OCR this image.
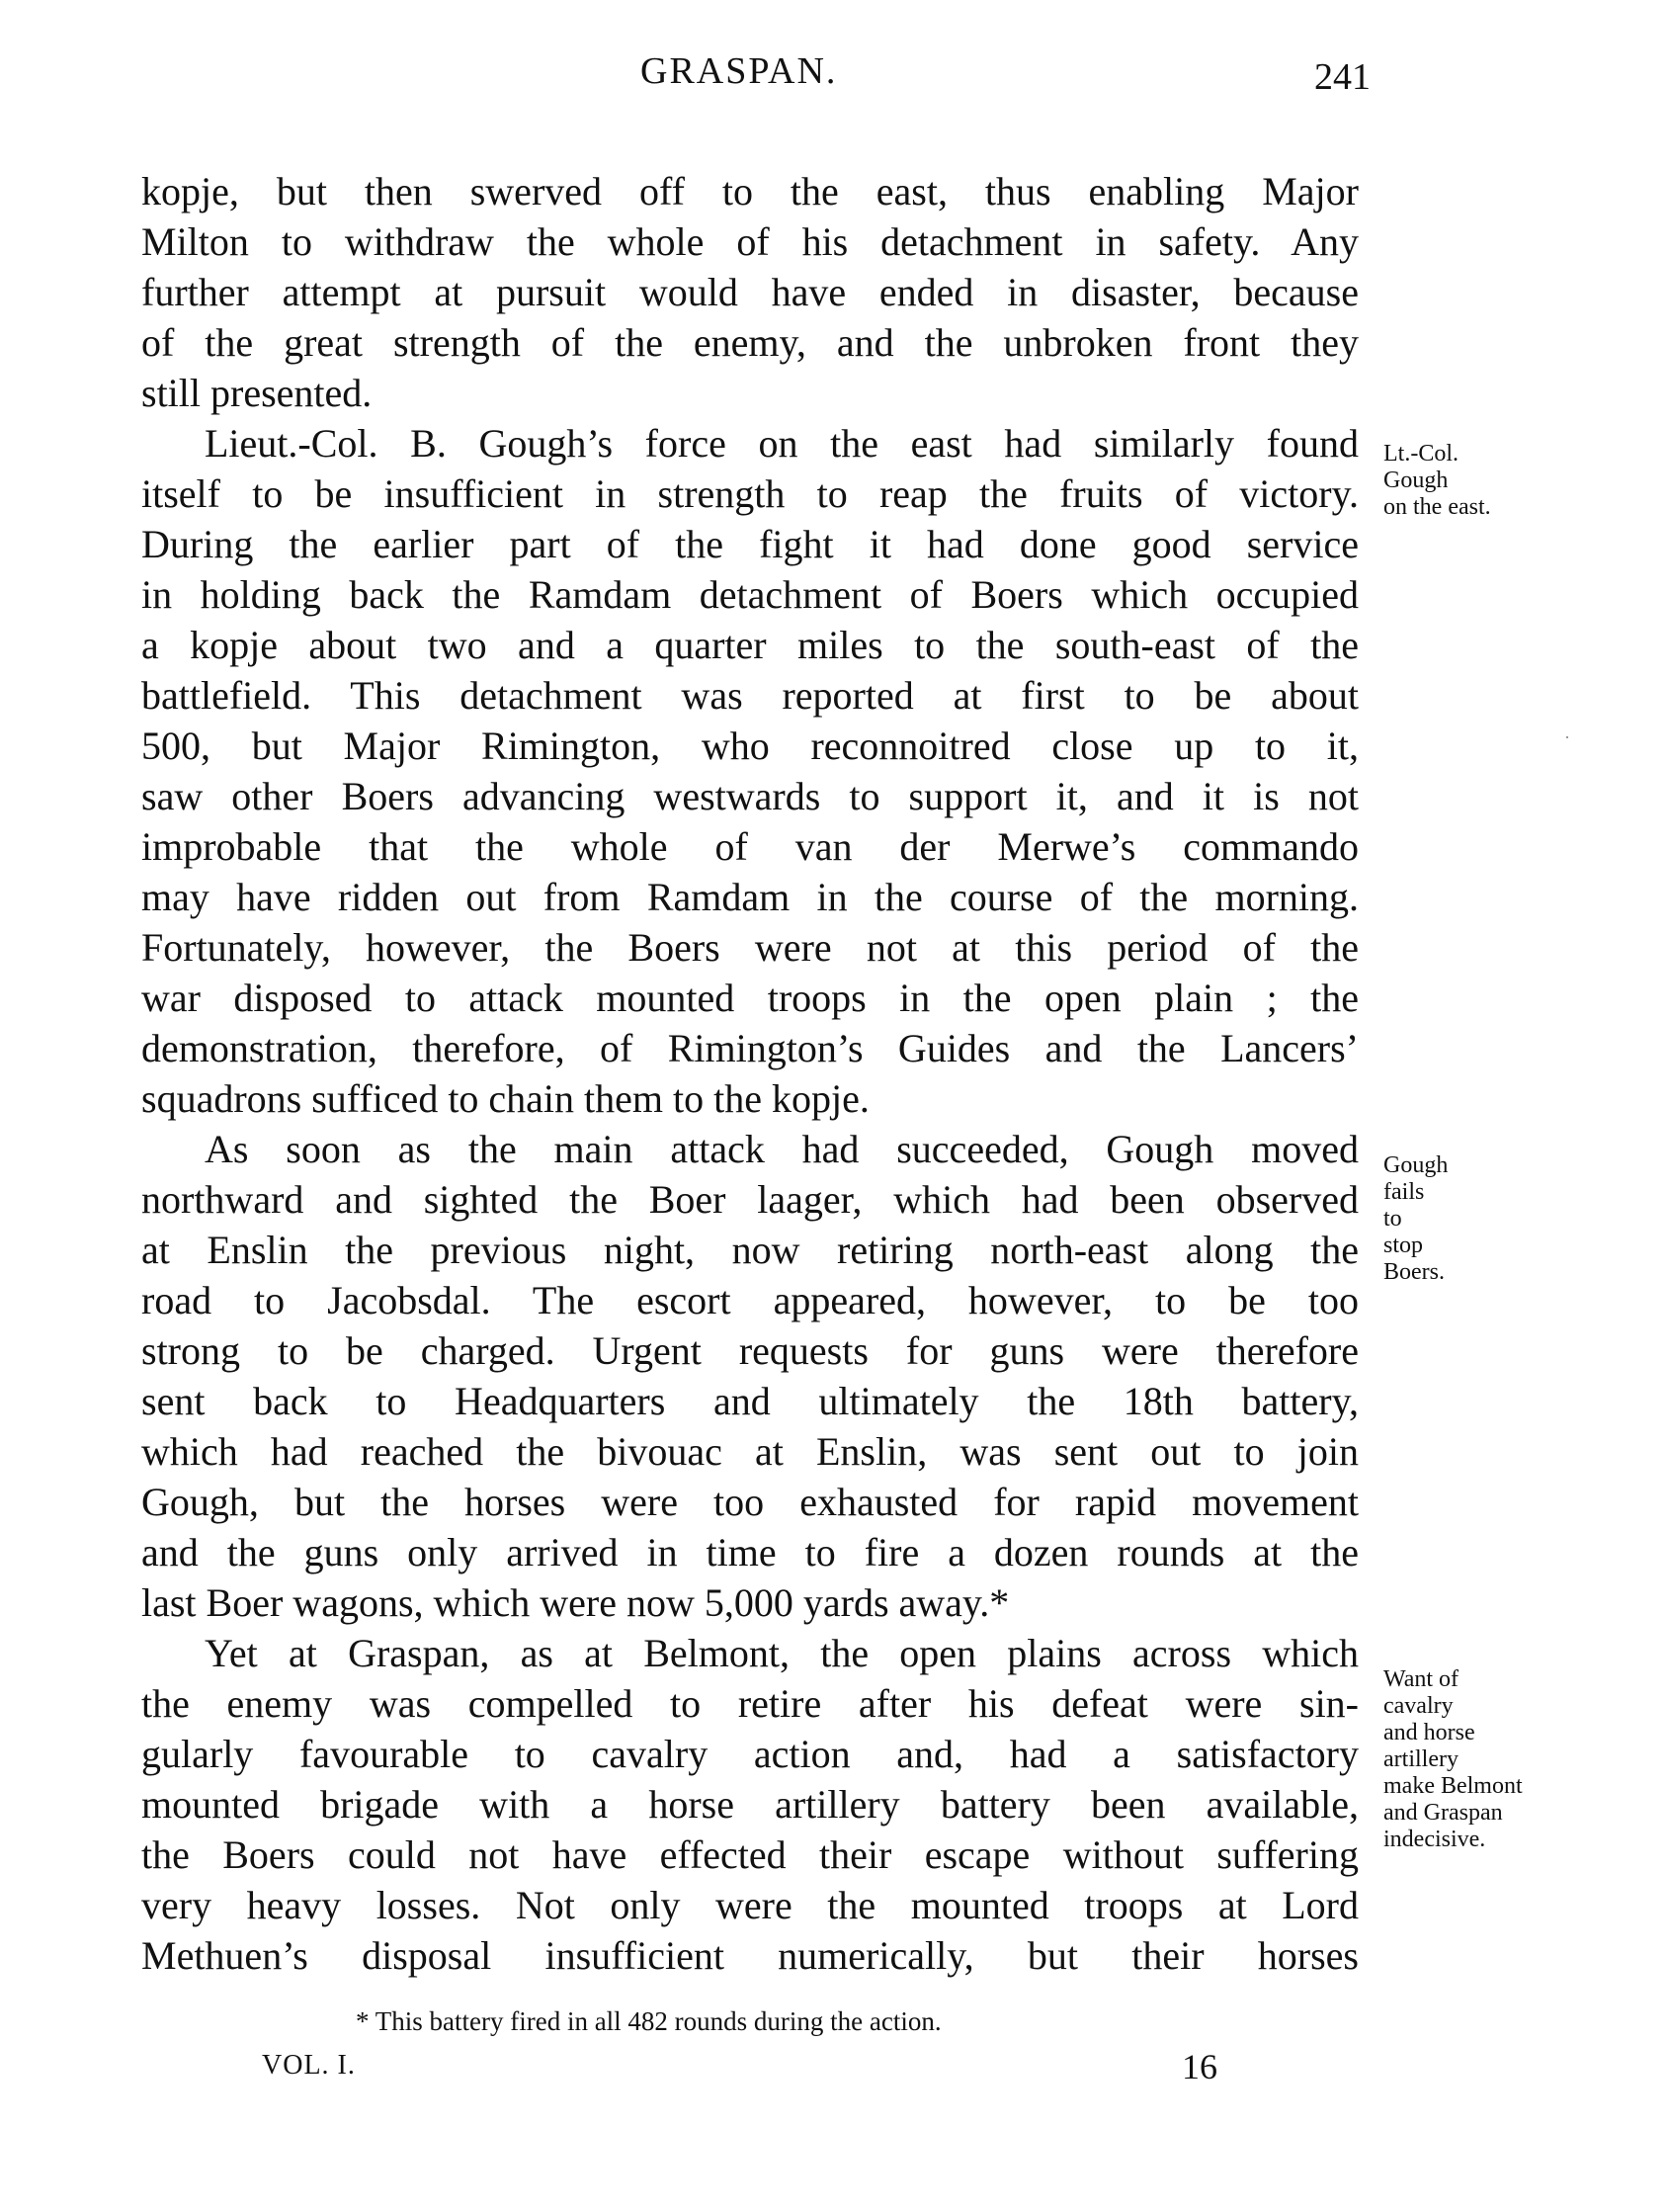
GRASPAN.	241
kopje, but then swerved off to the east, thus enabling Major
Milton to withdraw the whole of his detachment in safety. Any
further attempt at pursuit would have ended in disaster, because
of the great strength of the enemy, and the unbroken front they
still presented.
Lieut.-Col. B. Gough’s force on the east had similarly found
itself to be insufficient in strength to reap the fruits of victory.
During the earlier part of the fight it had done good service
in holding back the Ramdam detachment of Boers which occupied
a kopje about two and a quarter miles to the south-east of the
battlefield. This detachment was reported at first to be about
500, but Major Rimington, who reconnoitred close up to it,
saw other Boers advancing westwards to support it, and it is not
improbable that the whole of van der Merwe’s commando
may have ridden out from Ramdam in the course of the morning.
Fortunately, however, the Boers were not at this period of the
war disposed to attack mounted troops in the open plain ; the
demonstration, therefore, of Rimington’s Guides and the Lancers’
squadrons sufficed to chain them to the kopje.
As soon as the main attack had succeeded, Gough moved
northward and sighted the Boer laager, which had been observed
at Enslin the previous night, now retiring north-east along the
road to Jacobsdal. The escort appeared, however, to be too
strong to be charged. Urgent requests for guns were therefore
sent back to Headquarters and ultimately the 18th battery,
which had reached the bivouac at Enslin, was sent out to join
Gough, but the horses were too exhausted for rapid movement
and the guns only arrived in time to fire a dozen rounds at the
last Boer wagons, which were now 5,000 yards away.*
Yet at Graspan, as at Belmont, the open plains across which
the enemy was compelled to retire after his defeat were sin-
gularly favourable to cavalry action and, had a satisfactory
mounted brigade with a horse artillery battery been available,
the Boers could not have effected their escape without suffering
very heavy losses. Not only were the mounted troops at Lord
Methuen’s disposal insufficient numerically, but their horses
Lt.-Col.
Gough
on the east.
Gough
fails
to
stop
Boers.
Want of
cavalry
and horse
artillery
make Belmont
and Graspan
indecisive.
* This battery fired in all 482 rounds during the action.
VOL. I.	16
